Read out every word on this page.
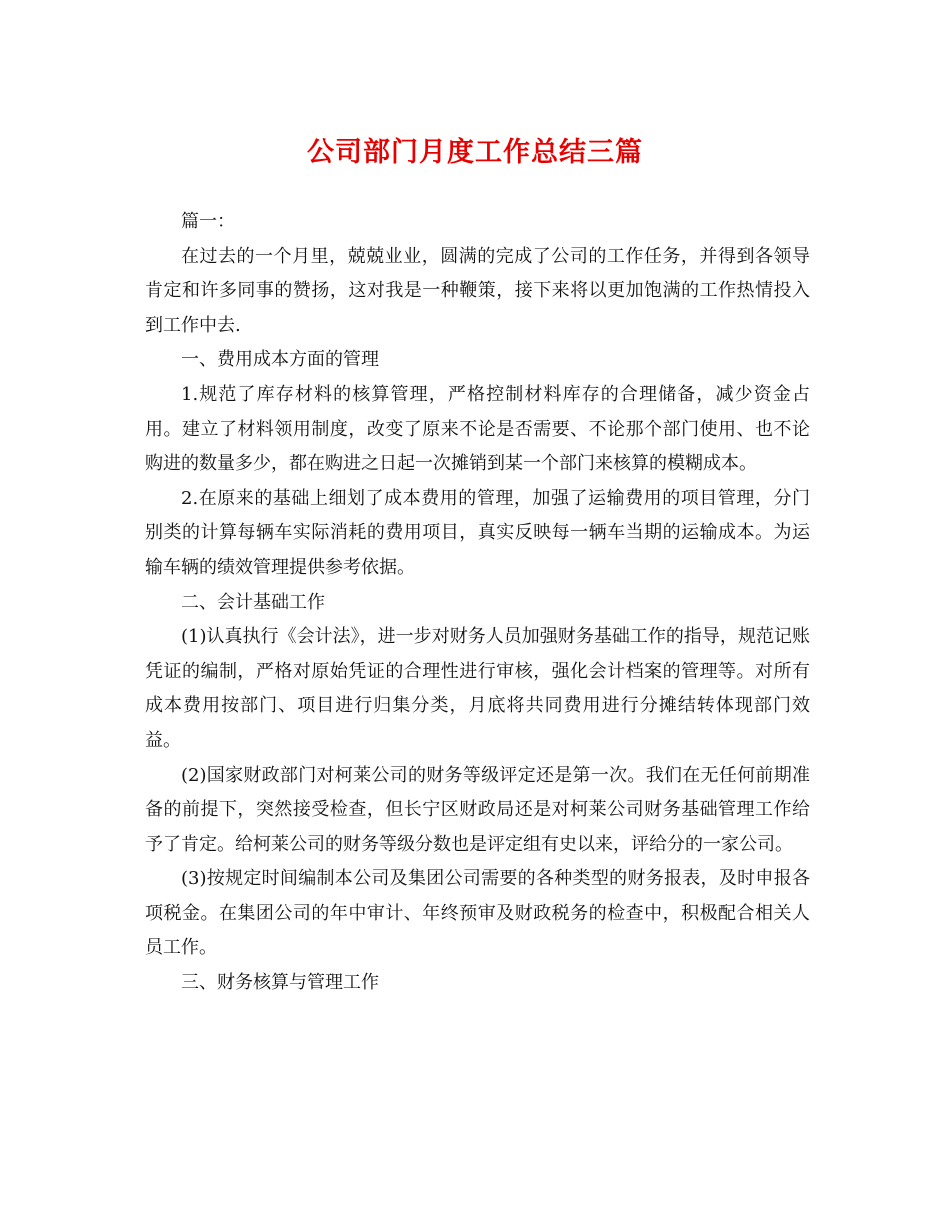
公司部门月度工作总结三篇

篇一：

在过去的一个月里，兢兢业业，圆满的完成了公司的工作任务，并得到各领导肯定和许多同事的赞扬，这对我是一种鞭策，接下来将以更加饱满的工作热情投入到工作中去.

一、费用成本方面的管理

1.规范了库存材料的核算管理，严格控制材料库存的合理储备，减少资金占用。建立了材料领用制度，改变了原来不论是否需要、不论那个部门使用、也不论购进的数量多少，都在购进之日起一次摊销到某一个部门来核算的模糊成本。

2.在原来的基础上细划了成本费用的管理，加强了运输费用的项目管理，分门别类的计算每辆车实际消耗的费用项目，真实反映每一辆车当期的运输成本。为运输车辆的绩效管理提供参考依据。

二、会计基础工作

(1)认真执行《会计法》，进一步对财务人员加强财务基础工作的指导，规范记账凭证的编制，严格对原始凭证的合理性进行审核，强化会计档案的管理等。对所有成本费用按部门、项目进行归集分类，月底将共同费用进行分摊结转体现部门效益。

(2)国家财政部门对柯莱公司的财务等级评定还是第一次。我们在无任何前期准备的前提下，突然接受检查，但长宁区财政局还是对柯莱公司财务基础管理工作给予了肯定。给柯莱公司的财务等级分数也是评定组有史以来，评给分的一家公司。

(3)按规定时间编制本公司及集团公司需要的各种类型的财务报表，及时申报各项税金。在集团公司的年中审计、年终预审及财政税务的检查中，积极配合相关人员工作。

三、财务核算与管理工作
